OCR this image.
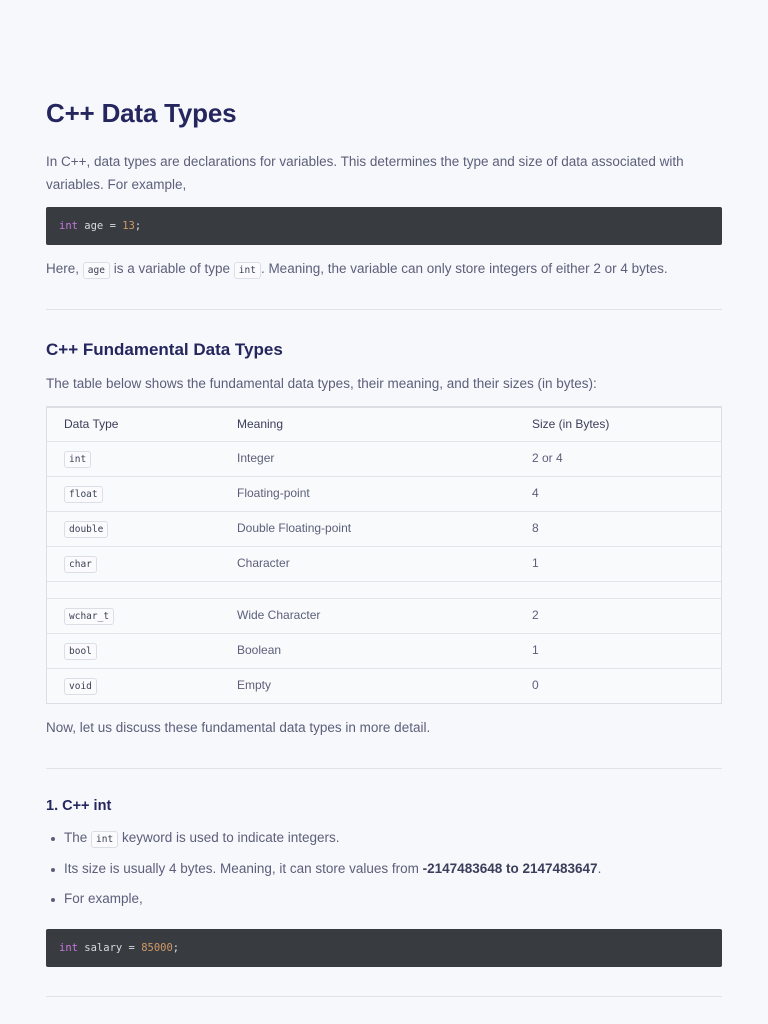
C++ Data Types

In C++, data types are declarations for variables. This determines the type and size of data associated with variables. For example,

int age = 13;

Here, age is a variable of type int . Meaning, the variable can only store integers of either 2 or 4 bytes.

C++ Fundamental Data Types

The table below shows the fundamental data types, their meaning, and their sizes (in bytes):

Data Type	Meaning	Size (in Bytes)
int	Integer	2 or 4
float	Floating-point	4
double	Double Floating-point	8
char	Character	1
wchar_t	Wide Character	2
bool	Boolean	1
void	Empty	0

Now, let us discuss these fundamental data types in more detail.

1. C++ int
The int keyword is used to indicate integers.
Its size is usually 4 bytes. Meaning, it can store values from -2147483648 to 2147483647.
For example,
int salary = 85000;
